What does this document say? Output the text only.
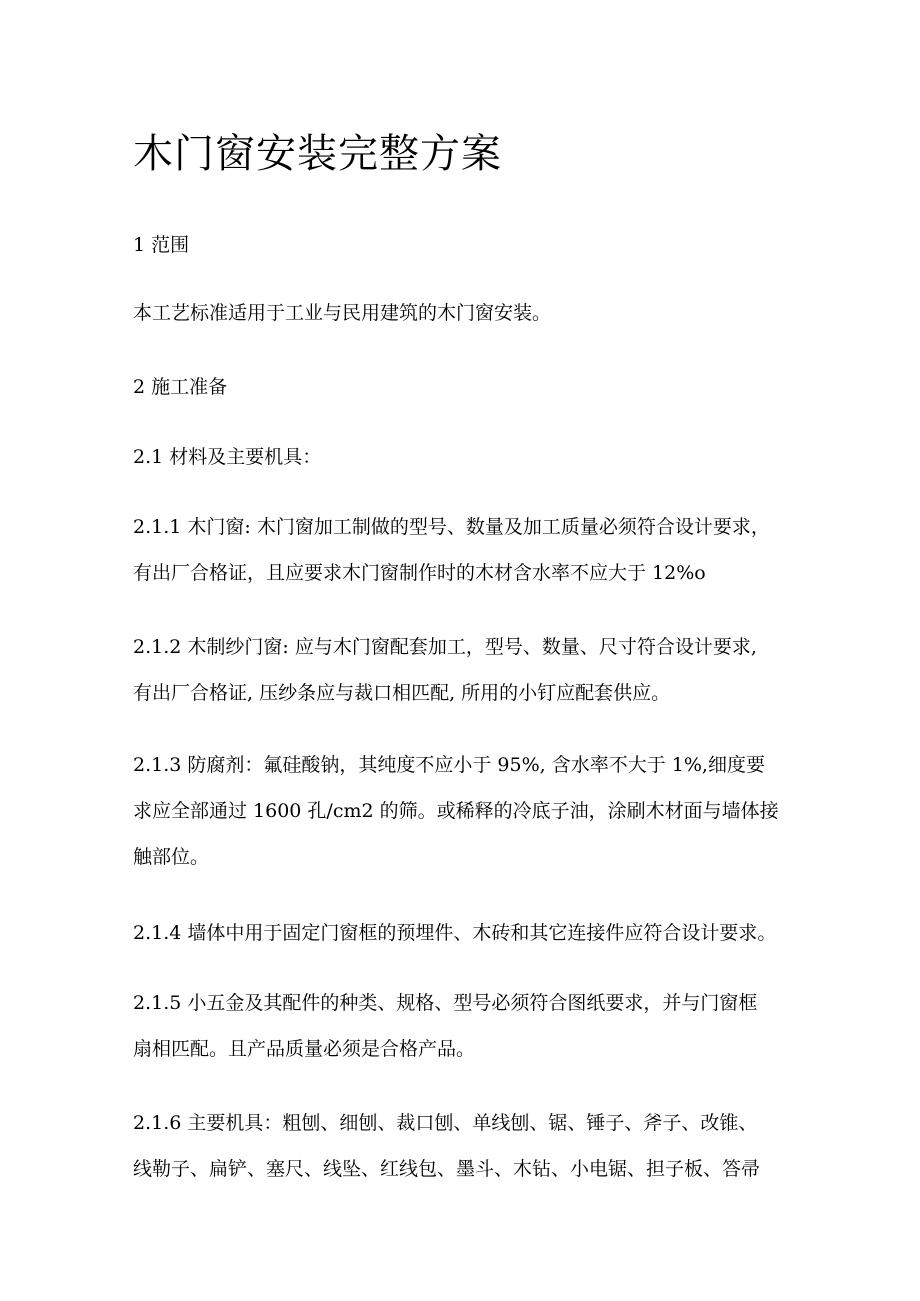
木门窗安装完整方案
1 范围
本工艺标准适用于工业与民用建筑的木门窗安装。
2 施工准备
2.1 材料及主要机具：
2.1.1 木门窗: 木门窗加工制做的型号、数量及加工质量必须符合设计要求，
有出厂合格证，且应要求木门窗制作时的木材含水率不应大于 12%o
2.1.2 木制纱门窗: 应与木门窗配套加工，型号、数量、尺寸符合设计要求,
有出厂合格证, 压纱条应与裁口相匹配, 所用的小钉应配套供应。
2.1.3 防腐剂：氟硅酸钠，其纯度不应小于 95%, 含水率不大于 1%,细度要
求应全部通过 1600 孔/cm2 的筛。或稀释的冷底子油，涂刷木材面与墙体接
触部位。
2.1.4 墙体中用于固定门窗框的预埋件、木砖和其它连接件应符合设计要求。
2.1.5 小五金及其配件的种类、规格、型号必须符合图纸要求，并与门窗框
扇相匹配。且产品质量必须是合格产品。
2.1.6 主要机具：粗刨、细刨、裁口刨、单线刨、锯、锤子、斧子、改锥、
线勒子、扁铲、塞尺、线坠、红线包、墨斗、木钻、小电锯、担子板、答帚
